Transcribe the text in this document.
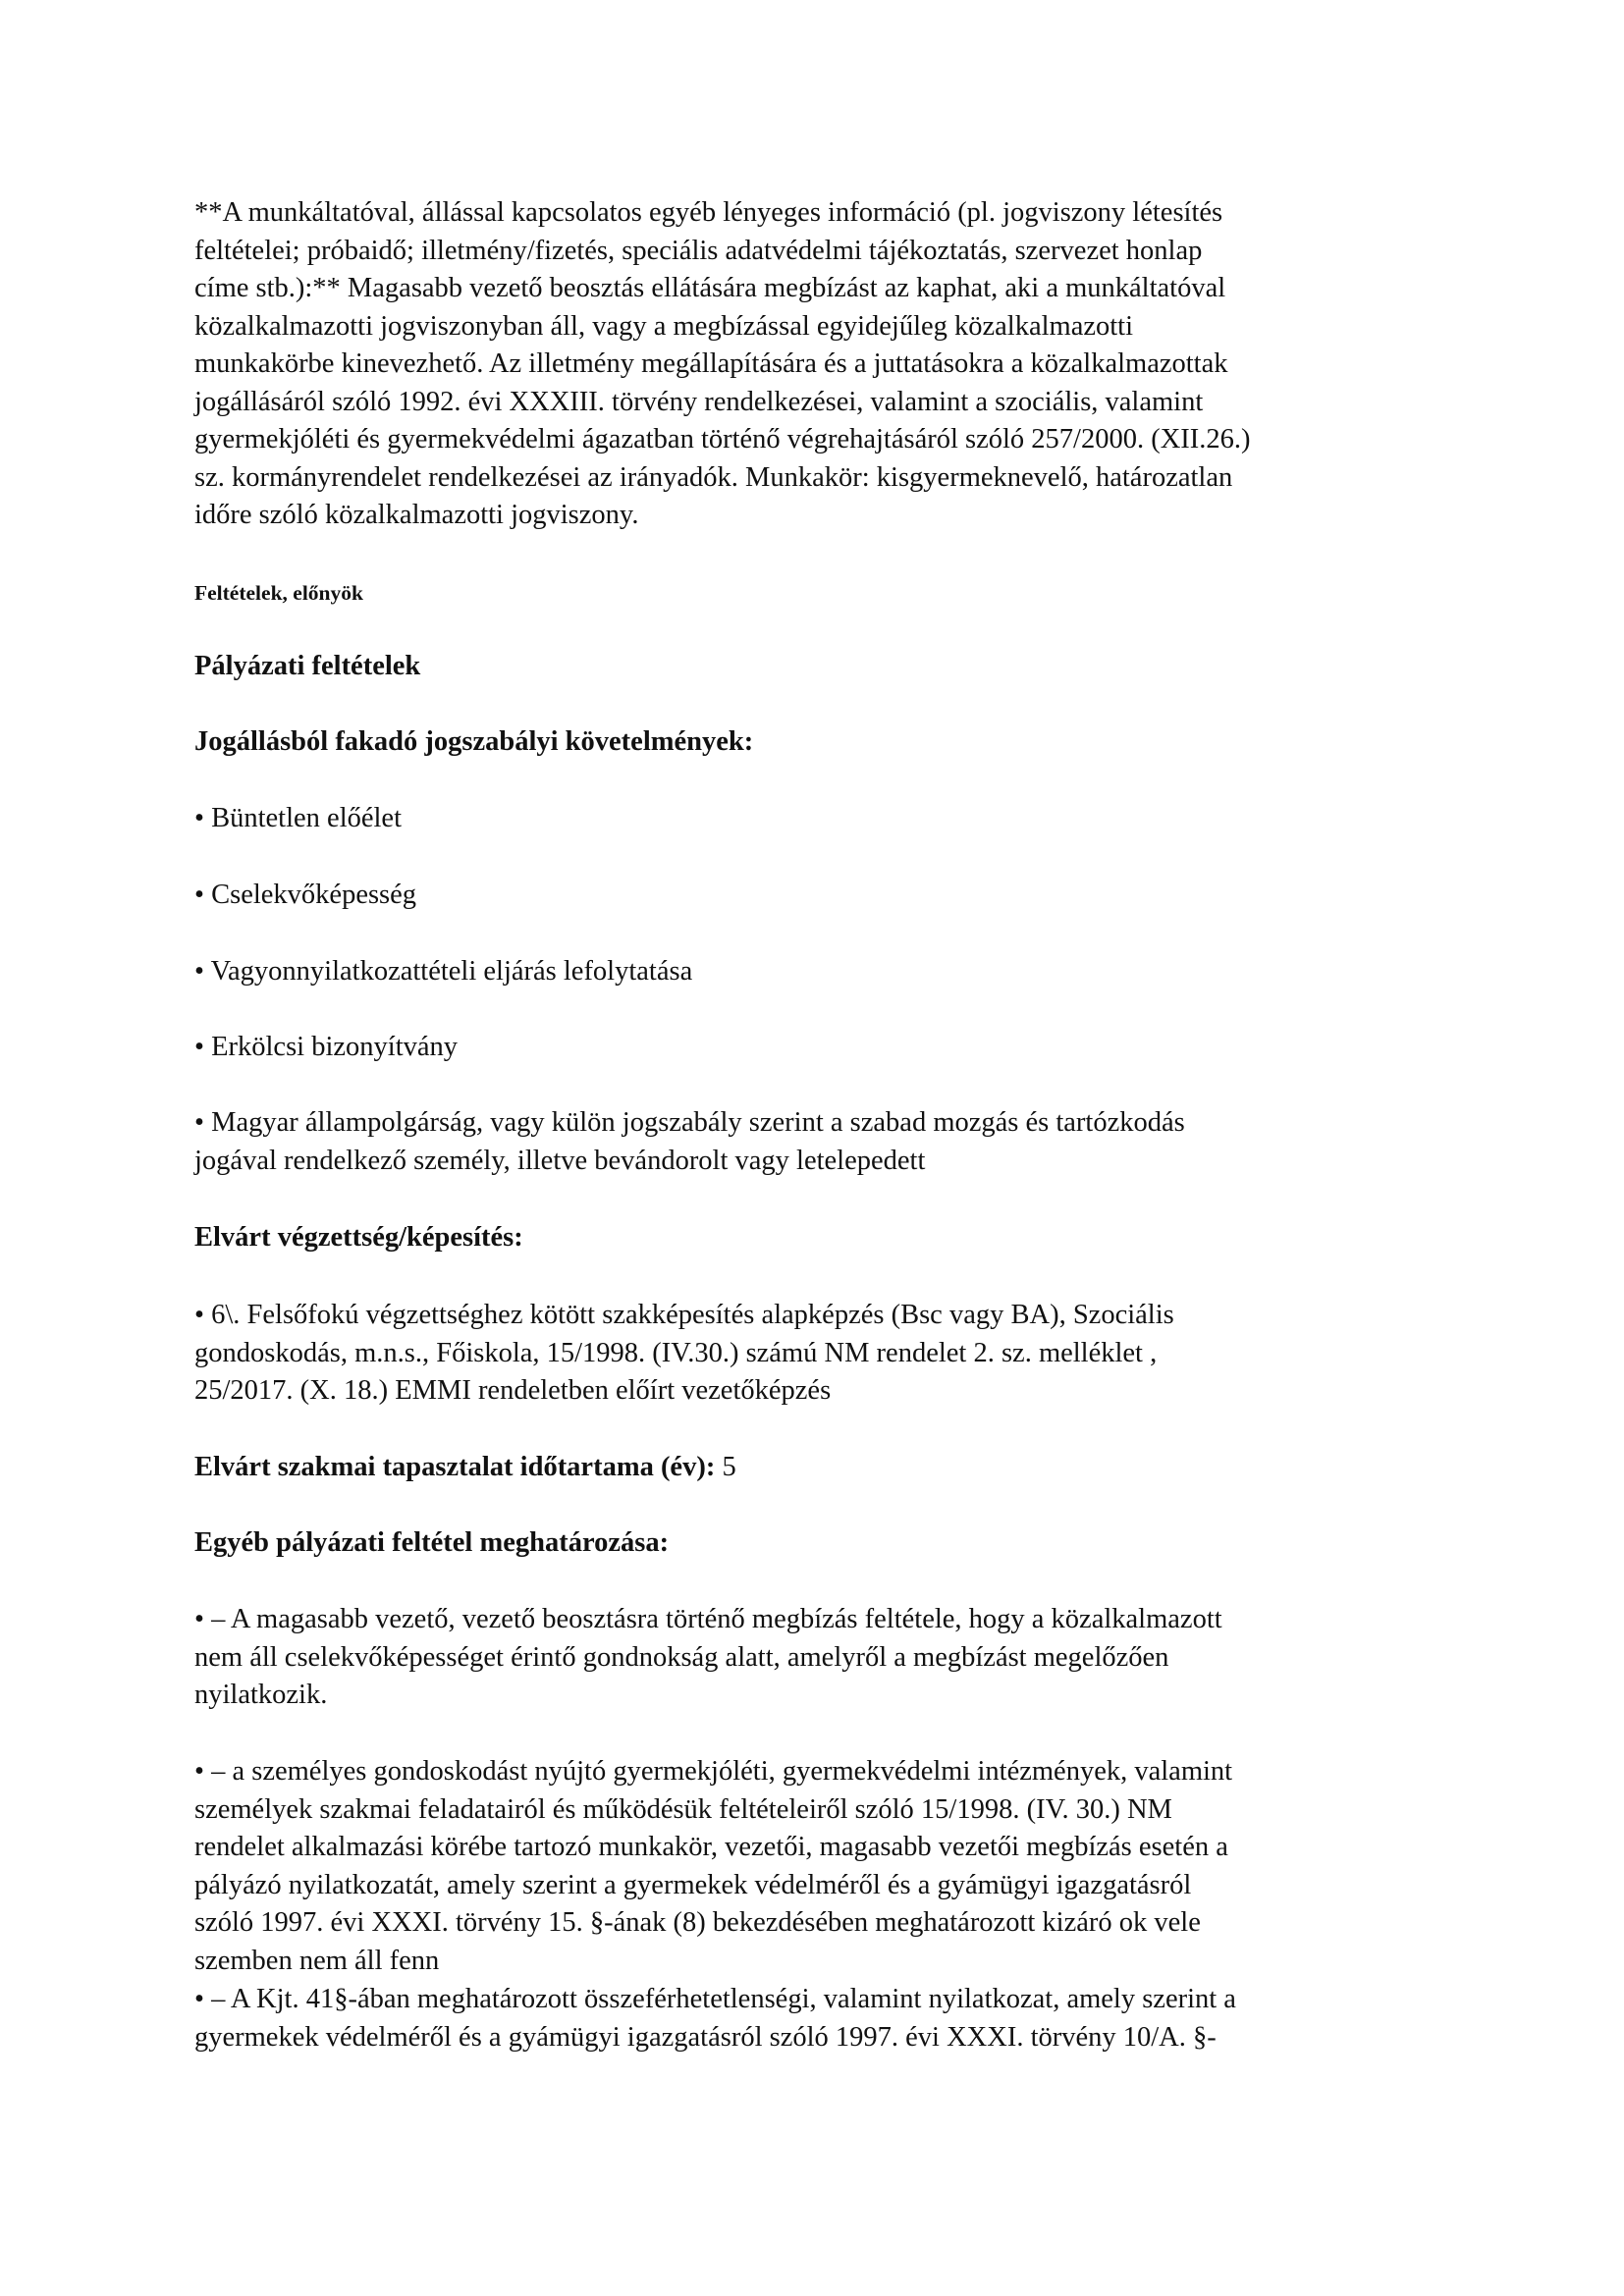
**A munkáltatóval, állással kapcsolatos egyéb lényeges információ (pl. jogviszony létesítés
feltételei; próbaidő; illetmény/fizetés, speciális adatvédelmi tájékoztatás, szervezet honlap
címe stb.):** Magasabb vezető beosztás ellátására megbízást az kaphat, aki a munkáltatóval
közalkalmazotti jogviszonyban áll, vagy a megbízással egyidejűleg közalkalmazotti
munkakörbe kinevezhető. Az illetmény megállapítására és a juttatásokra a közalkalmazottak
jogállásáról szóló 1992. évi XXXIII. törvény rendelkezései, valamint a szociális, valamint
gyermekjóléti és gyermekvédelmi ágazatban történő végrehajtásáról szóló 257/2000. (XII.26.)
sz. kormányrendelet rendelkezései az irányadók. Munkakör: kisgyermeknevelő, határozatlan
időre szóló közalkalmazotti jogviszony.
Feltételek, előnyök
Pályázati feltételek
Jogállásból fakadó jogszabályi követelmények:
• Büntetlen előélet
• Cselekvőképesség
• Vagyonnyilatkozattételi eljárás lefolytatása
• Erkölcsi bizonyítvány
• Magyar állampolgárság, vagy külön jogszabály szerint a szabad mozgás és tartózkodás
jogával rendelkező személy, illetve bevándorolt vagy letelepedett
Elvárt végzettség/képesítés:
• 6\. Felsőfokú végzettséghez kötött szakképesítés alapképzés (Bsc vagy BA), Szociális
gondoskodás, m.n.s., Főiskola, 15/1998. (IV.30.) számú NM rendelet 2. sz. melléklet ,
25/2017. (X. 18.) EMMI rendeletben előírt vezetőképzés
Elvárt szakmai tapasztalat időtartama (év): 5
Egyéb pályázati feltétel meghatározása:
• – A magasabb vezető, vezető beosztásra történő megbízás feltétele, hogy a közalkalmazott
nem áll cselekvőképességet érintő gondnokság alatt, amelyről a megbízást megelőzően
nyilatkozik.
• – a személyes gondoskodást nyújtó gyermekjóléti, gyermekvédelmi intézmények, valamint
személyek szakmai feladatairól és működésük feltételeiről szóló 15/1998. (IV. 30.) NM
rendelet alkalmazási körébe tartozó munkakör, vezetői, magasabb vezetői megbízás esetén a
pályázó nyilatkozatát, amely szerint a gyermekek védelméről és a gyámügyi igazgatásról
szóló 1997. évi XXXI. törvény 15. §-ának (8) bekezdésében meghatározott kizáró ok vele
szemben nem áll fenn
• – A Kjt. 41§-ában meghatározott összeférhetetlenségi, valamint nyilatkozat, amely szerint a
gyermekek védelméről és a gyámügyi igazgatásról szóló 1997. évi XXXI. törvény 10/A. §-
